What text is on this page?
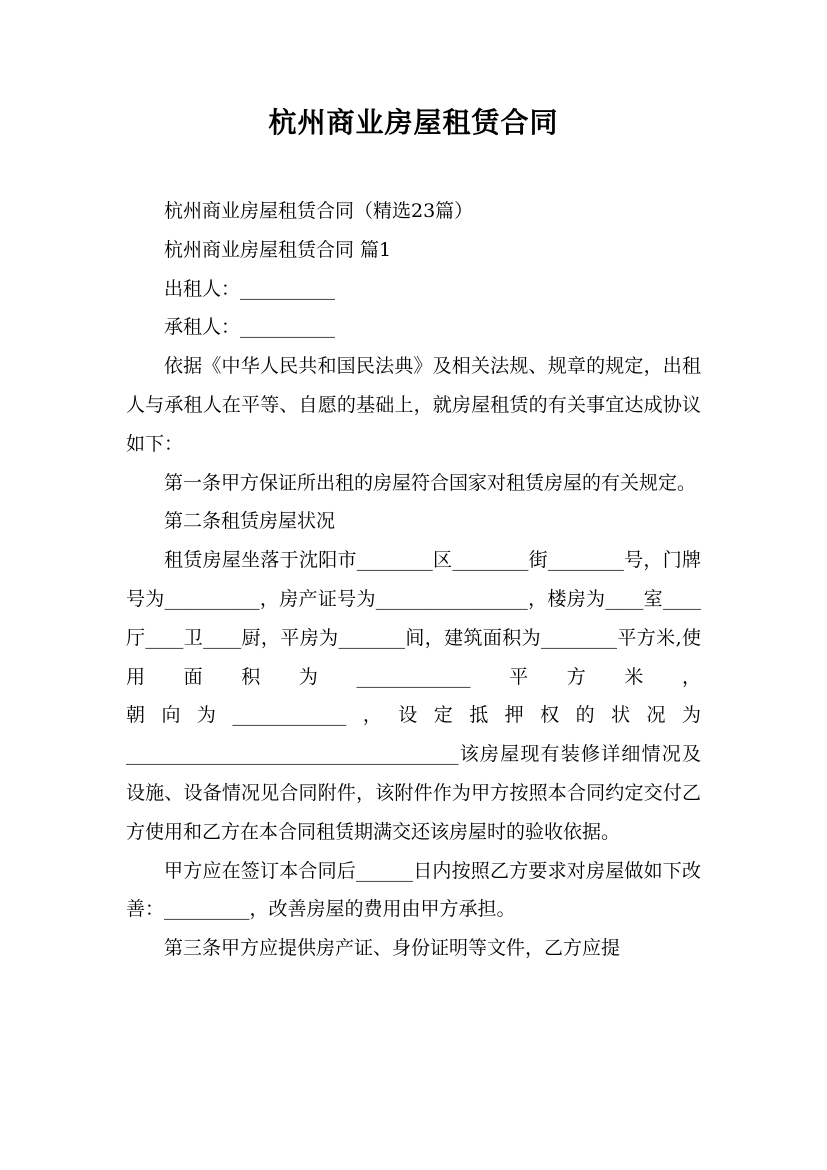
杭州商业房屋租赁合同

杭州商业房屋租赁合同（精选23篇）

杭州商业房屋租赁合同 篇1

出租人：__________

承租人：__________

依据《中华人民共和国民法典》及相关法规、规章的规定，出租人与承租人在平等、自愿的基础上，就房屋租赁的有关事宜达成协议如下：

第一条甲方保证所出租的房屋符合国家对租赁房屋的有关规定。

第二条租赁房屋状况

租赁房屋坐落于沈阳市________区________街________号，门牌号为__________，房产证号为________________，楼房为____室____厅____卫____厨，平房为_______间，建筑面积为________平方米,使用面积为____________平方米，

朝向为____________，设定抵押权的状况为___________________________________该房屋现有装修详细情况及设施、设备情况见合同附件，该附件作为甲方按照本合同约定交付乙方使用和乙方在本合同租赁期满交还该房屋时的验收依据。

甲方应在签订本合同后______日内按照乙方要求对房屋做如下改善：_________，改善房屋的费用由甲方承担。

第三条甲方应提供房产证、身份证明等文件，乙方应提
